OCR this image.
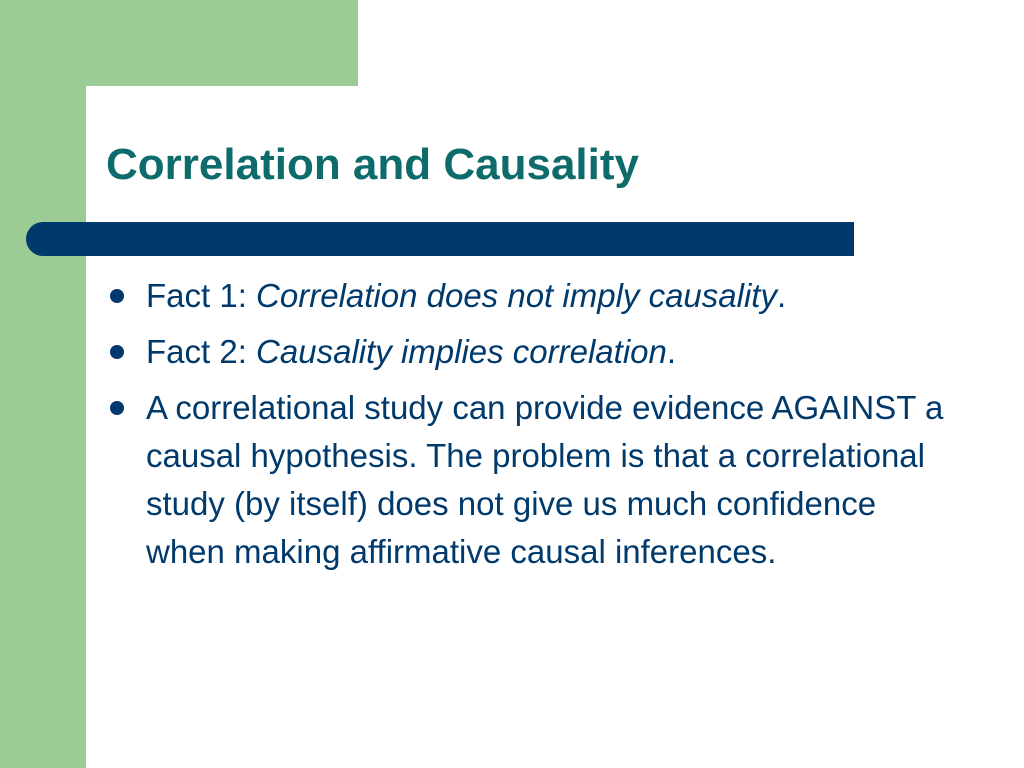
Correlation and Causality
Fact 1: Correlation does not imply causality.
Fact 2: Causality implies correlation.
A correlational study can provide evidence AGAINST a causal hypothesis. The problem is that a correlational study (by itself) does not give us much confidence when making affirmative causal inferences.
